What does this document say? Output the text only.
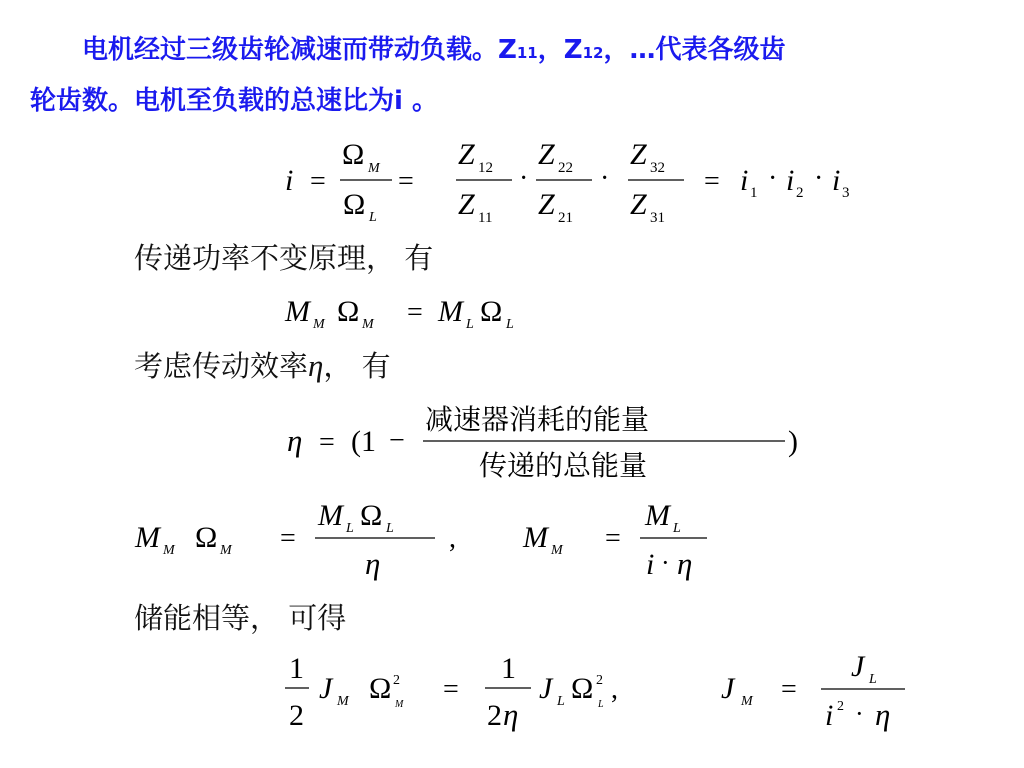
电机经过三级齿轮减速而带动负载。Z11，Z12，…代表各级齿
轮齿数。电机至负载的总速比为i 。
i =
Ω M
Ω L
=
Z 12
Z 11
·
Z 22
Z 21
·
Z 32
Z 31
= i 1 · i 2 · i 3
传递功率不变原理， 有
M M Ω M = M L Ω L
考虑传动效率η， 有
η = (1 −
减速器消耗的能量
传递的总能量
)
M M Ω M =
M L Ω L
η
, M M =
M L
i · η
储能相等， 可得
1
2
J M Ω 2
M =
1
2 η
J L Ω 2
L ,	J M =
J L
i 2 · η
